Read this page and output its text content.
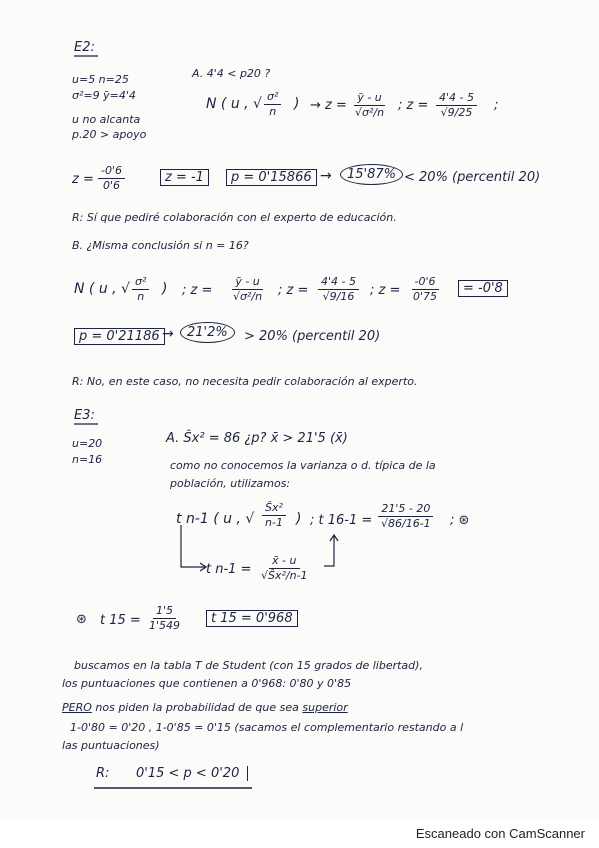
E2:
u=5 n=25
σ²=9 ỹ=4'4
u no alcanta
p.20 > apoyo
A. 4'4 < p20 ?
N ( u , √ $\frac{\text{σ²}}{n}$ ) → $z = \frac{\text{ỹ - u}}{\text{√σ²/n}}$ ; $z = \frac{4'4 - 5}{√9/25}$ ;
$z = \frac{-0'6}{0'6}$	z = -1	p = 0'15866 →	15'87% < 20% (percentil 20)
R: Sí que pediré colaboración con el experto de educación.
B. ¿Misma conclusión si n = 16?
N ( u , √ $\frac{\text{σ²}}{n}$ ) ; $z = \frac{\text{ỹ - u}}{\text{√σ²/n}}$ ; $z = \frac{4'4 - 5}{√9/16}$ ; $z = \frac{-0'6}{0'75}$	= -0'8
p = 0'21186 →	21'2%	> 20% (percentil 20)
R: No, en este caso, no necesita pedir colaboración al experto.
E3:
u=20
n=16
A. Ŝx² = 86 ¿p? x̄ > 21'5 (x̄)
como no conocemos la varianza o d. típica de la
población, utilizamos:
t n-1 ( u , √ $\frac{\text{Ŝx²}}{n-1}$ ) ; t $16-1 = \frac{21'5 - 20}{√86/16-1}$ ; ⊛
t $n-1 = \frac{x̄ - u}{\text{√Ŝx²/n-1}}$
⊛ t $15 = \frac{1'5}{1'549}$	t 15 = 0'968
buscamos en la tabla T de Student (con 15 grados de libertad),
los puntuaciones que contienen a 0'968: 0'80 y 0'85
PERO nos piden la probabilidad de que sea superior
1-0'80 = 0'20 , 1-0'85 = 0'15 (sacamos el complementario restando a l
las puntuaciones)
R: 0'15 < p < 0'20
Escaneado con CamScanner
